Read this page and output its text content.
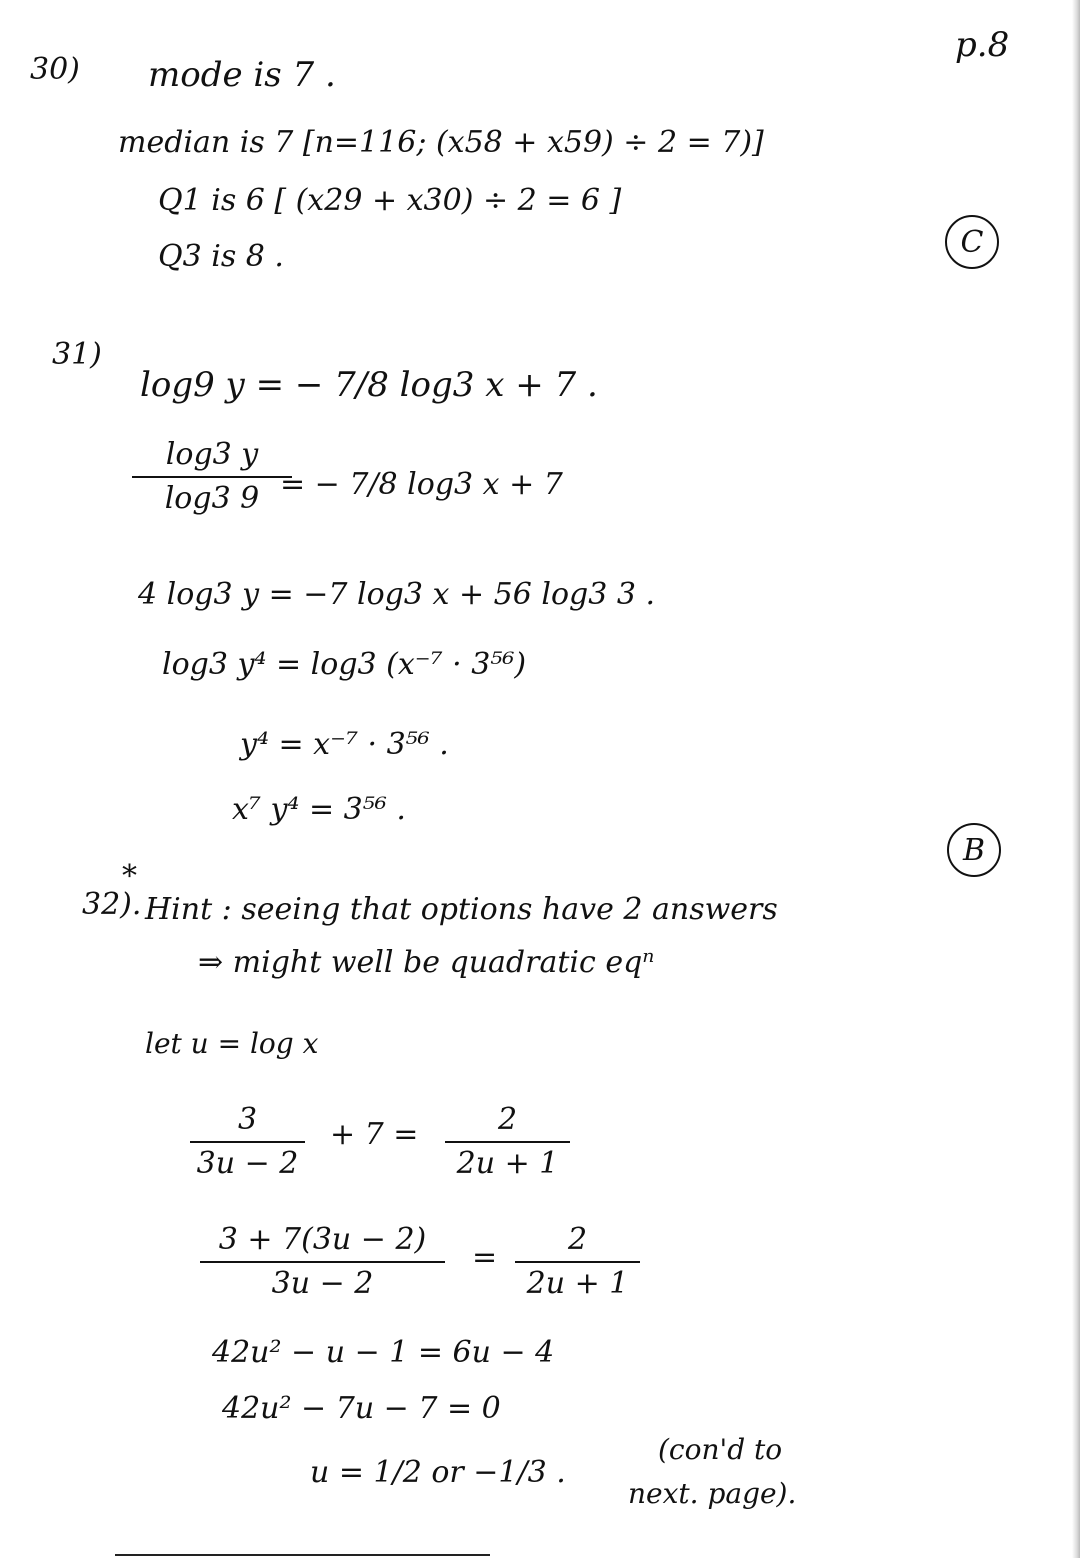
p.8
30) mode is 7 .
median is 7 [n=116; (x58 + x59) ÷ 2 = 7)]
Q1 is 6 [ (x29 + x30) ÷ 2 = 6 ]
Q3 is 8 .	C
31)
log9 y = − 7/8 log3 x + 7 .
log3 y
log3 9 = − 7/8 log3 x + 7
4 log3 y = −7 log3 x + 56 log3 3 .
log3 y⁴ = log3 (x⁻⁷ · 3⁵⁶)
y⁴ = x⁻⁷ · 3⁵⁶ .
x⁷ y⁴ = 3⁵⁶ .
B
*
32). Hint : seeing that options have 2 answers
⇒ might well be quadratic eqⁿ
let u = log x
3
3u − 2
+ 7 =	2
2u + 1
3 + 7(3u − 2)
3u − 2
=
2
2u + 1
42u² − u − 1 = 6u − 4
42u² − 7u − 7 = 0
u = 1/2 or −1/3 .
(con'd to
next. page).
